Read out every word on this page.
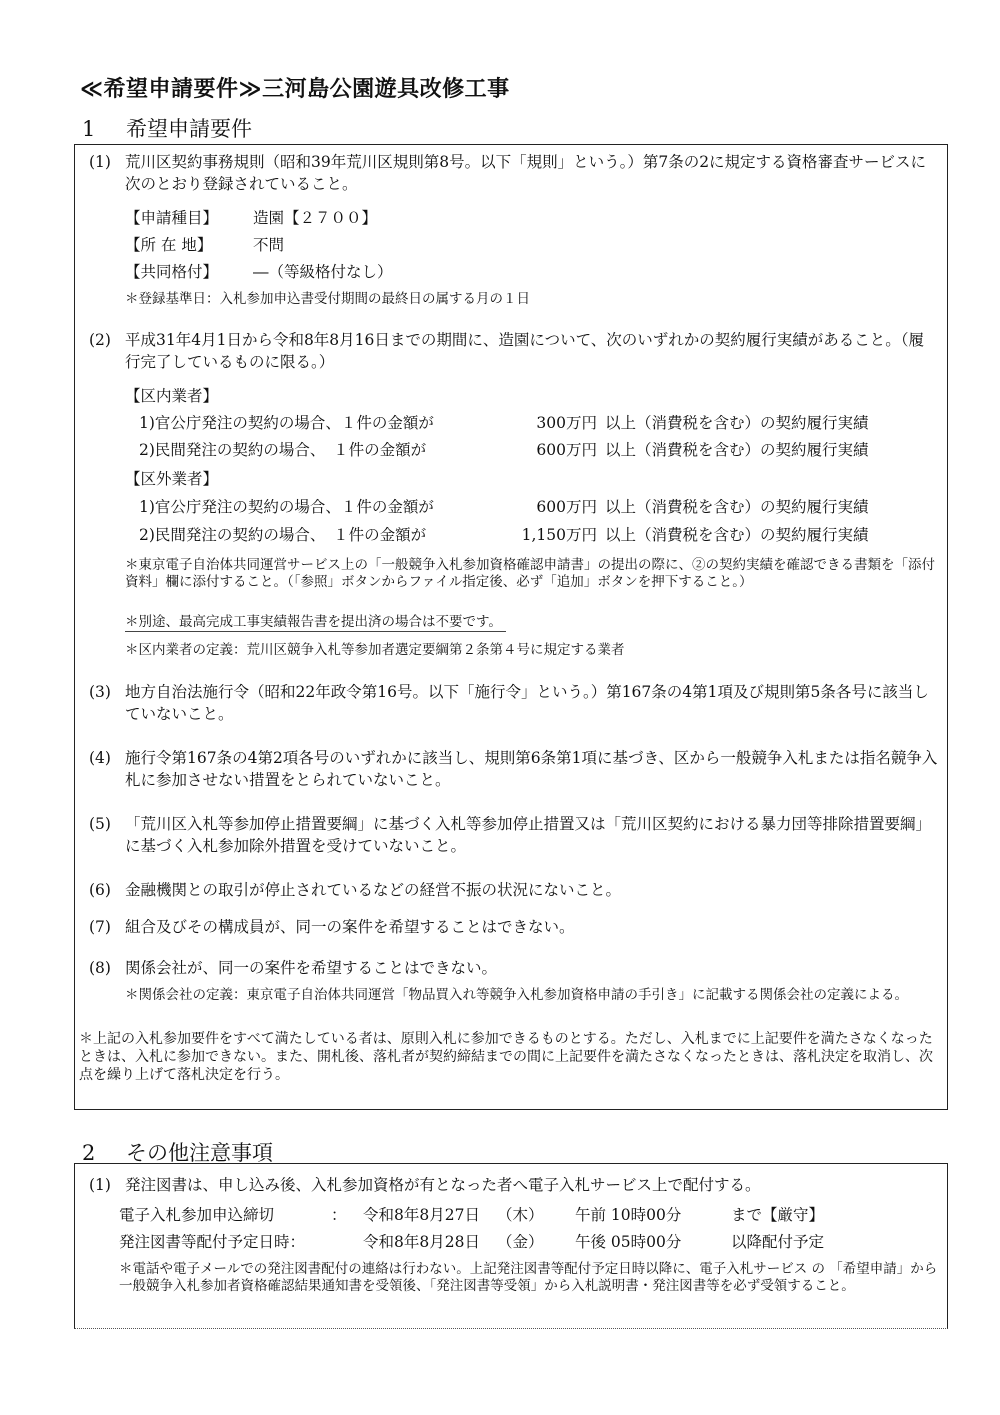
≪希望申請要件≫三河島公園遊具改修工事
1 希望申請要件
(1) 荒川区契約事務規則（昭和39年荒川区規則第8号。以下「規則」という。）第7条の2に規定する資格審査サービスに次のとおり登録されていること。
【申請種目】 造園【２７００】
【所 在 地】	不問
【共同格付】 ―（等級格付なし）
＊登録基準日：入札参加申込書受付期間の最終日の属する月の１日
(2) 平成31年4月1日から令和8年8月16日までの期間に、造園について、次のいずれかの契約履行実績があること。（履行完了しているものに限る。）
【区内業者】
1)官公庁発注の契約の場合、１件の金額が	300万円 以上（消費税を含む）の契約履行実績
2)民間発注の契約の場合、　１件の金額が	600万円 以上（消費税を含む）の契約履行実績
【区外業者】
1)官公庁発注の契約の場合、１件の金額が	600万円 以上（消費税を含む）の契約履行実績
2)民間発注の契約の場合、　１件の金額が	1,150万円 以上（消費税を含む）の契約履行実績
＊東京電子自治体共同運営サービス上の「一般競争入札参加資格確認申請書」の提出の際に、②の契約実績を確認できる書類を「添付資料」欄に添付すること。（「参照」ボタンからファイル指定後、必ず「追加」ボタンを押下すること。）
＊別途、最高完成工事実績報告書を提出済の場合は不要です。
＊区内業者の定義：荒川区競争入札等参加者選定要綱第２条第４号に規定する業者
(3) 地方自治法施行令（昭和22年政令第16号。以下「施行令」という。）第167条の4第1項及び規則第5条各号に該当していないこと。
(4) 施行令第167条の4第2項各号のいずれかに該当し、規則第6条第1項に基づき、区から一般競争入札または指名競争入札に参加させない措置をとられていないこと。
(5) 「荒川区入札等参加停止措置要綱」に基づく入札等参加停止措置又は「荒川区契約における暴力団等排除措置要綱」に基づく入札参加除外措置を受けていないこと。
(6) 金融機関との取引が停止されているなどの経営不振の状況にないこと。
(7) 組合及びその構成員が、同一の案件を希望することはできない。
(8) 関係会社が、同一の案件を希望することはできない。
＊関係会社の定義：東京電子自治体共同運営「物品買入れ等競争入札参加資格申請の手引き」に記載する関係会社の定義による。
＊上記の入札参加要件をすべて満たしている者は、原則入札に参加できるものとする。ただし、入札までに上記要件を満たさなくなったときは、入札に参加できない。また、開札後、落札者が契約締結までの間に上記要件を満たさなくなったときは、落札決定を取消し、次点を繰り上げて落札決定を行う。
2 その他注意事項
(1) 発注図書は、申し込み後、入札参加資格が有となった者へ電子入札サービス上で配付する。
電子入札参加申込締切	： 令和8年8月27日 （木） 午前 10時00分	まで【厳守】
発注図書等配付予定日時：	令和8年8月28日 （金） 午後 05時00分	以降配付予定
＊電話や電子メールでの発注図書配付の連絡は行わない。上記発注図書等配付予定日時以降に、電子入札サービス の 「希望申請」から一般競争入札参加者資格確認結果通知書を受領後、「発注図書等受領」から入札説明書・発注図書等を必ず受領すること。
